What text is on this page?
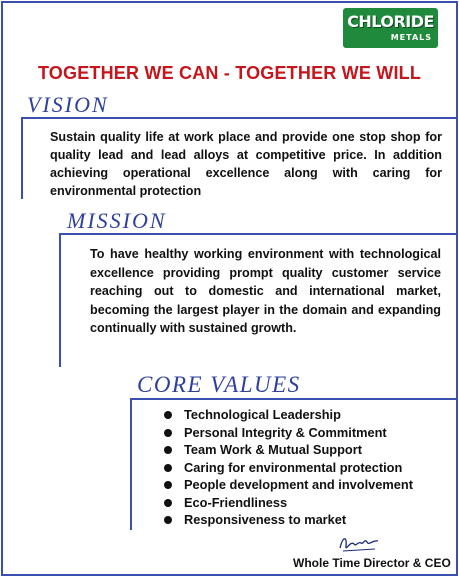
CHLORIDE
METALS
TOGETHER WE CAN - TOGETHER WE WILL
VISION
Sustain quality life at work place and provide one stop shop for quality lead and lead alloys at competitive price. In addition achieving operational excellence along with caring for environmental protection
MISSION
To have healthy working environment with technological excellence providing prompt quality customer service reaching out to domestic and international market, becoming the largest player in the domain and expanding continually with sustained growth.
CORE VALUES
Technological Leadership
Personal Integrity & Commitment
Team Work & Mutual Support
Caring for environmental protection
People development and involvement
Eco-Friendliness
Responsiveness to market
Whole Time Director & CEO
